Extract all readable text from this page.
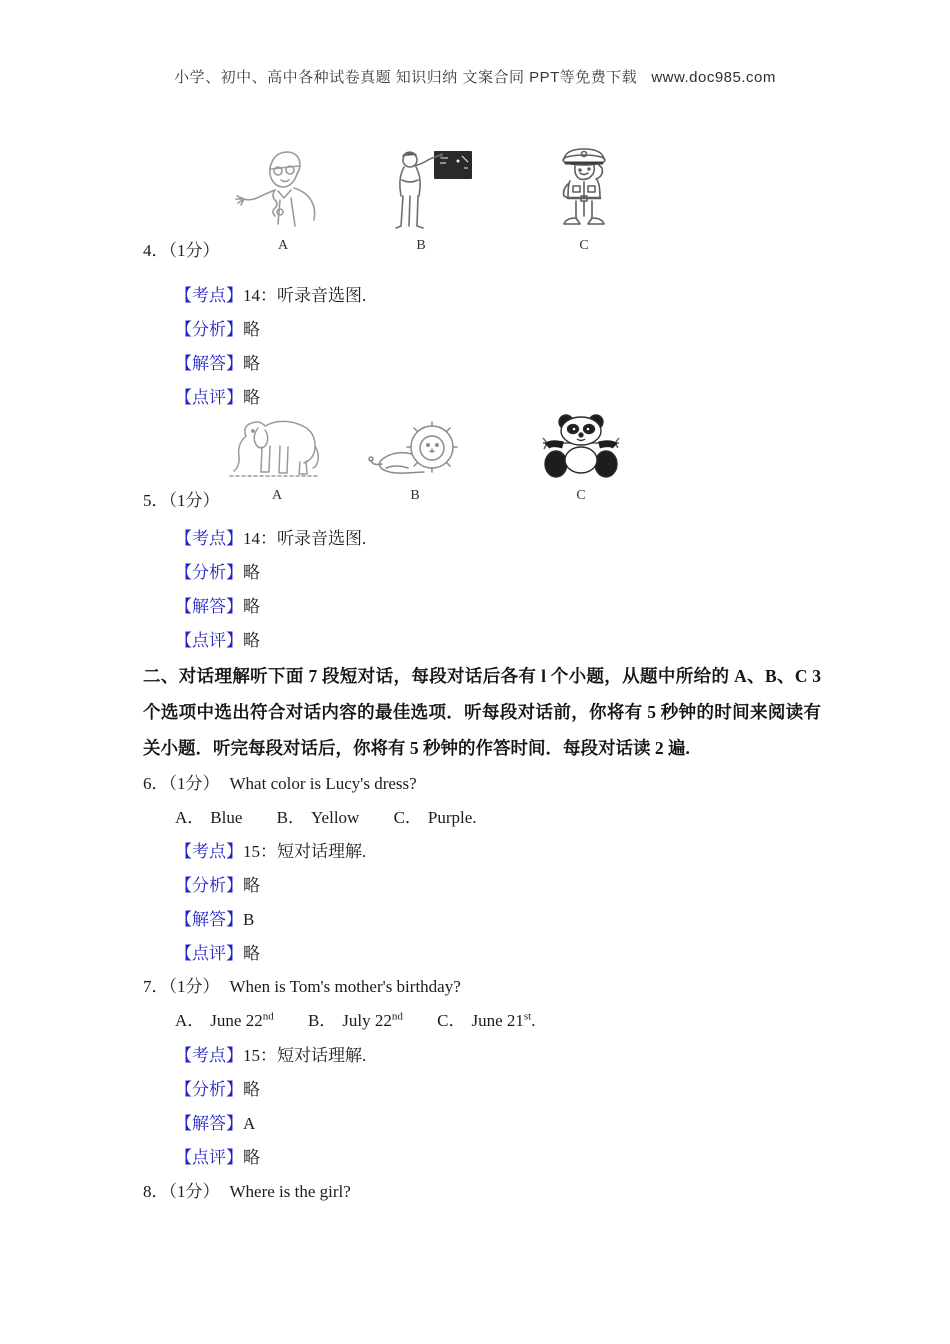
小学、初中、高中各种试卷真题 知识归纳 文案合同 PPT等免费下载 www.doc985.com
4．（1分）	A	B	C
【考点】14：听录音选图.
【分析】略
【解答】略
【点评】略
5．（1分）	A	B	C
【考点】14：听录音选图.
【分析】略
【解答】略
【点评】略
二、对话理解听下面 7 段短对话，每段对话后各有 l 个小题，从题中所给的 A、B、C 3 个选项中选出符合对话内容的最佳选项．听每段对话前，你将有 5 秒钟的时间来阅读有关小题．听完每段对话后，你将有 5 秒钟的作答时间．每段对话读 2 遍.
6．（1分） What color is Lucy's dress?
A． Blue B． Yellow C． Purple.
【考点】15：短对话理解.
【分析】略
【解答】B
【点评】略
7．（1分） When is Tom's mother's birthday?
A． June 22nd B． July 22nd C． June 21st.
【考点】15：短对话理解.
【分析】略
【解答】A
【点评】略
8．（1分） Where is the girl?
